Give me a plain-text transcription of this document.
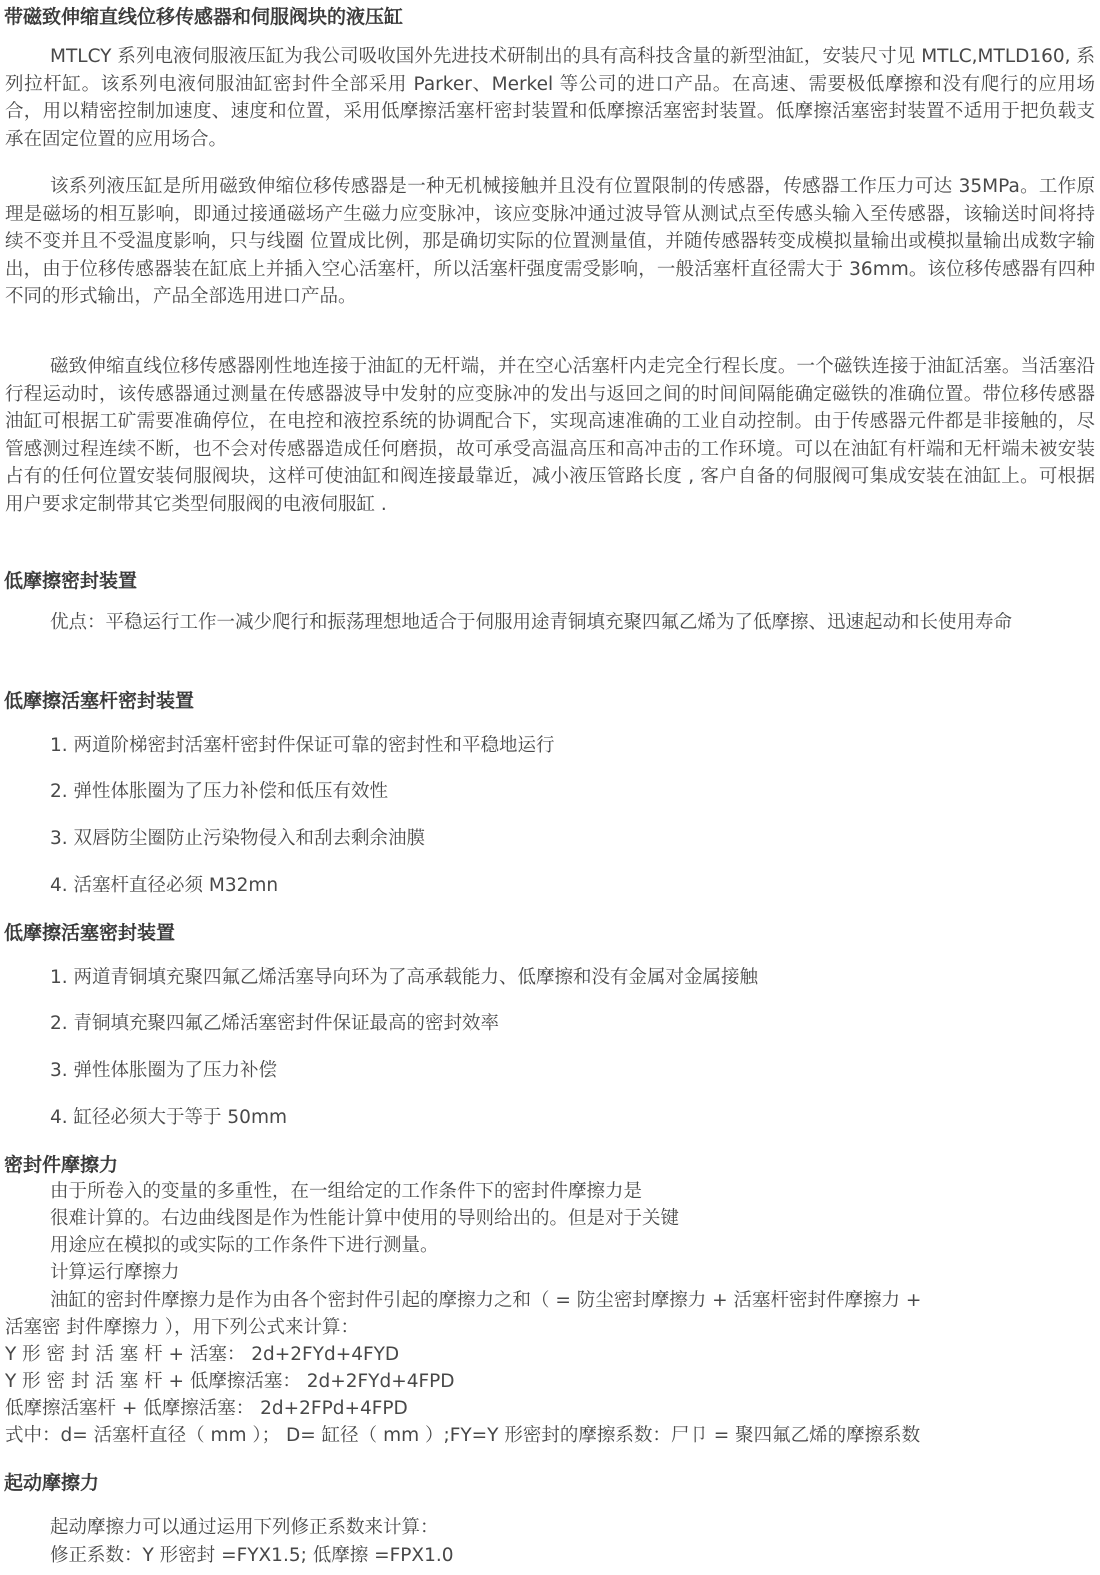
带磁致伸缩直线位移传感器和伺服阀块的液压缸
MTLCY 系列电液伺服液压缸为我公司吸收国外先进技术研制出的具有高科技含量的新型油缸，安装尺寸见 MTLC,MTLD160, 系列拉杆缸。该系列电液伺服油缸密封件全部采用 Parker、Merkel 等公司的进口产品。在高速、需要极低摩擦和没有爬行的应用场合，用以精密控制加速度、速度和位置，采用低摩擦活塞杆密封装置和低摩擦活塞密封装置。低摩擦活塞密封装置不适用于把负载支承在固定位置的应用场合。
该系列液压缸是所用磁致伸缩位移传感器是一种无机械接触并且没有位置限制的传感器，传感器工作压力可达 35MPa。工作原理是磁场的相互影响，即通过接通磁场产生磁力应变脉冲，该应变脉冲通过波导管从测试点至传感头输入至传感器，该输送时间将持续不变并且不受温度影响，只与线圈 位置成比例，那是确切实际的位置测量值，并随传感器转变成模拟量输出或模拟量输出成数字输出，由于位移传感器装在缸底上并插入空心活塞杆，所以活塞杆强度需受影响，一般活塞杆直径需大于 36mm。该位移传感器有四种不同的形式输出，产品全部选用进口产品。
磁致伸缩直线位移传感器刚性地连接于油缸的无杆端，并在空心活塞杆内走完全行程长度。一个磁铁连接于油缸活塞。当活塞沿行程运动时，该传感器通过测量在传感器波导中发射的应变脉冲的发出与返回之间的时间间隔能确定磁铁的准确位置。带位移传感器油缸可根据工矿需要准确停位，在电控和液控系统的协调配合下，实现高速准确的工业自动控制。由于传感器元件都是非接触的，尽管感测过程连续不断，也不会对传感器造成任何磨损，故可承受高温高压和高冲击的工作环境。可以在油缸有杆端和无杆端未被安装占有的任何位置安装伺服阀块，这样可使油缸和阀连接最靠近，减小液压管路长度 , 客户自备的伺服阀可集成安装在油缸上。可根据用户要求定制带其它类型伺服阀的电液伺服缸 .
低摩擦密封装置
优点：平稳运行工作一减少爬行和振荡理想地适合于伺服用途青铜填充聚四氟乙烯为了低摩擦、迅速起动和长使用寿命
低摩擦活塞杆密封装置
1. 两道阶梯密封活塞杆密封件保证可靠的密封性和平稳地运行
2. 弹性体胀圈为了压力补偿和低压有效性
3. 双唇防尘圈防止污染物侵入和刮去剩余油膜
4. 活塞杆直径必须 M32mn
低摩擦活塞密封装置
1. 两道青铜填充聚四氟乙烯活塞导向环为了高承载能力、低摩擦和没有金属对金属接触
2. 青铜填充聚四氟乙烯活塞密封件保证最高的密封效率
3. 弹性体胀圈为了压力补偿
4. 缸径必须大于等于 50mm
密封件摩擦力
由于所卷入的变量的多重性，在一组给定的工作条件下的密封件摩擦力是
很难计算的。右边曲线图是作为性能计算中使用的导则给出的。但是对于关键
用途应在模拟的或实际的工作条件下进行测量。
计算运行摩擦力
油缸的密封件摩擦力是作为由各个密封件引起的摩擦力之和（ = 防尘密封摩擦力 + 活塞杆密封件摩擦力 +
活塞密 封件摩擦力 ），用下列公式来计算：
Y 形 密 封 活 塞 杆 + 活塞： 2d+2FYd+4FYD
Y 形 密 封 活 塞 杆 + 低摩擦活塞： 2d+2FYd+4FPD
低摩擦活塞杆 + 低摩擦活塞： 2d+2FPd+4FPD
式中：d= 活塞杆直径（ mm ）； D= 缸径（ mm ）;FY=Y 形密封的摩擦系数：尸卩 = 聚四氟乙烯的摩擦系数
起动摩擦力
起动摩擦力可以通过运用下列修正系数来计算：
修正系数：Y 形密封 =FYX1.5; 低摩擦 =FPX1.0
